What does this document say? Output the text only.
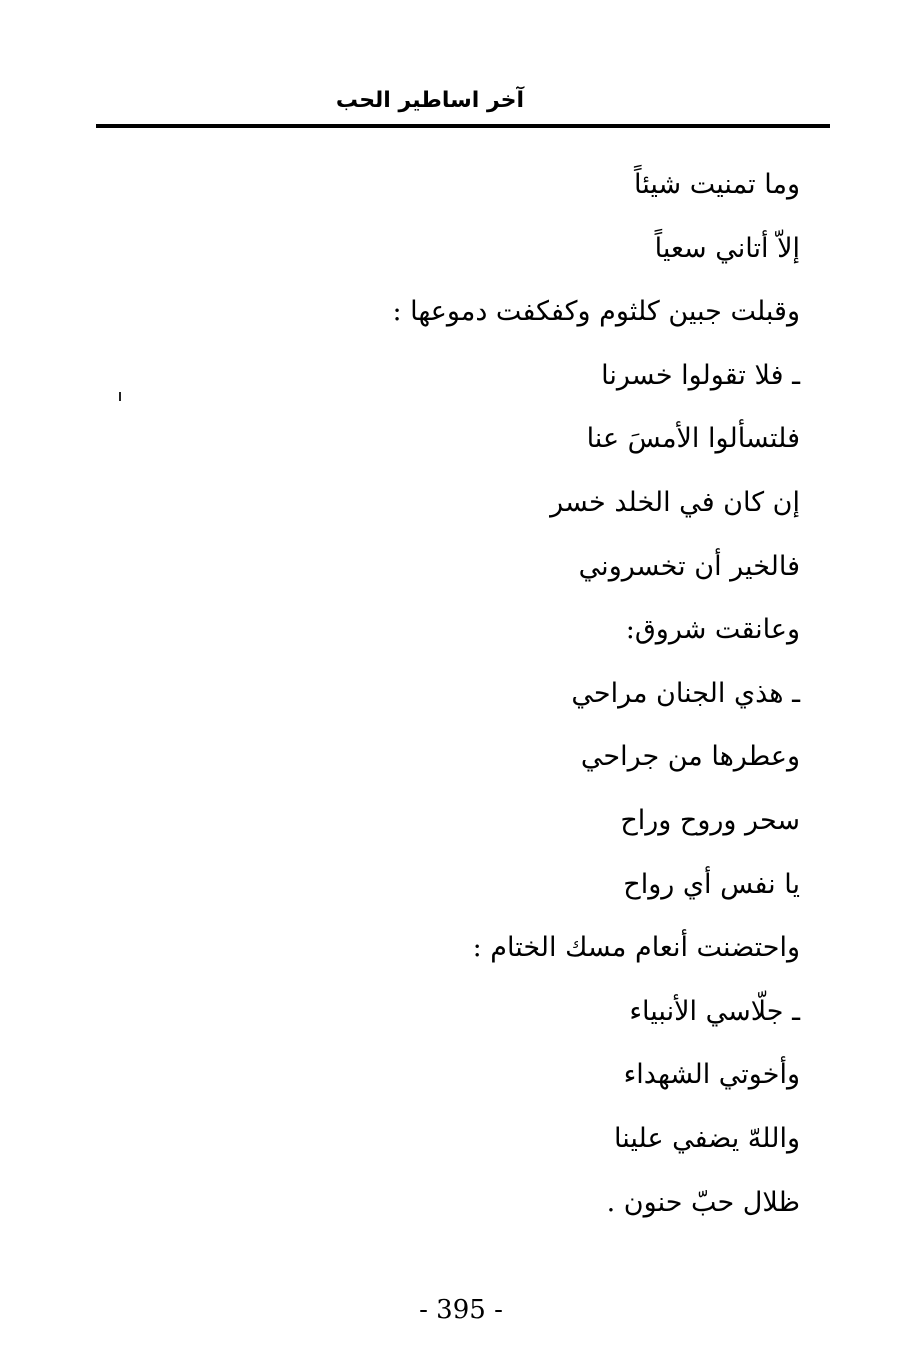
آخر اساطير الحب
وما تمنيت شيئاً
إلاّ أتاني سعياً
وقبلت جبين كلثوم وكفكفت دموعها :
ـ فلا تقولوا خسرنا
فلتسألوا الأمسَ عنا
إن كان في الخلد خسر
فالخير أن تخسروني
وعانقت شروق:
ـ هذي الجنان مراحي
وعطرها من جراحي
سحر وروح وراح
يا نفس أي رواح
واحتضنت أنعام مسك الختام :
ـ جلّاسي الأنبياء
وأخوتي الشهداء
واللهّ يضفي علينا
ظلال حبّ حنون .
- 395 -
